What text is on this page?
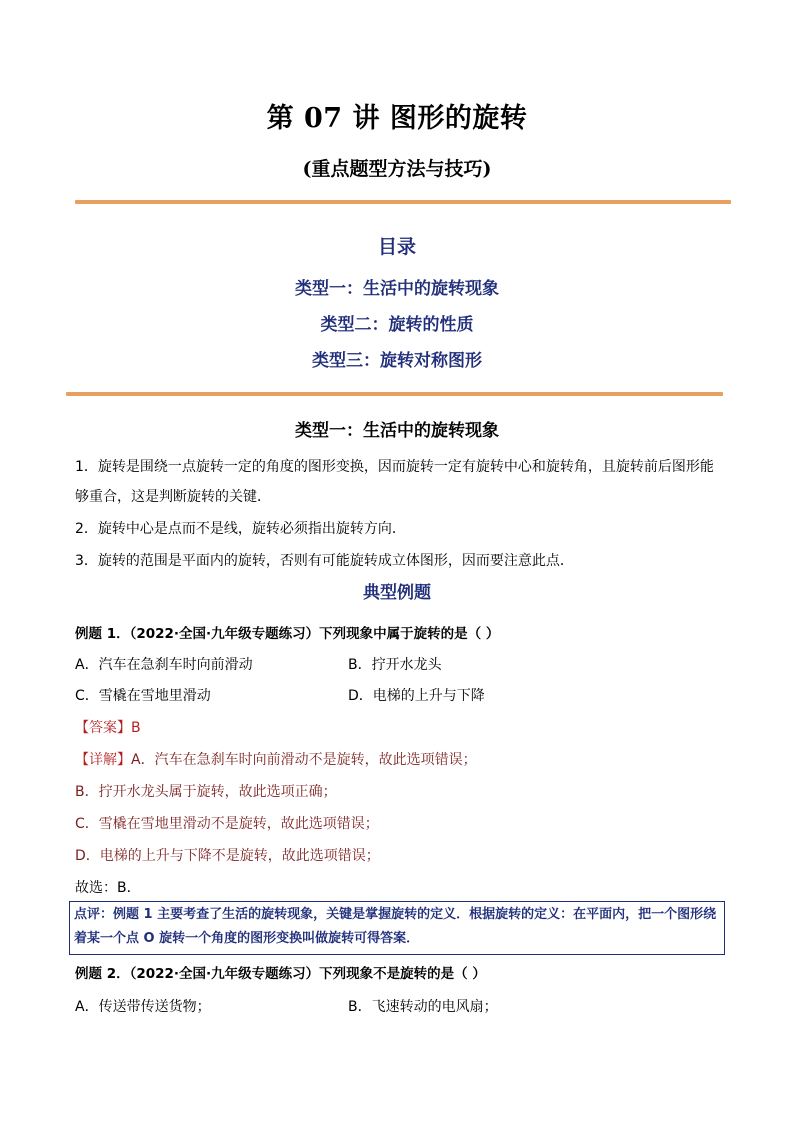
第 07 讲 图形的旋转
(重点题型方法与技巧)
目录
类型一：生活中的旋转现象
类型二：旋转的性质
类型三：旋转对称图形
类型一：生活中的旋转现象
1．旋转是围绕一点旋转一定的角度的图形变换，因而旋转一定有旋转中心和旋转角，且旋转前后图形能够重合，这是判断旋转的关键．
2．旋转中心是点而不是线，旋转必须指出旋转方向．
3．旋转的范围是平面内的旋转，否则有可能旋转成立体图形，因而要注意此点．
典型例题
例题 1．（2022·全国·九年级专题练习）下列现象中属于旋转的是（ ）
A．汽车在急刹车时向前滑动	B．拧开水龙头
C．雪橇在雪地里滑动	D．电梯的上升与下降
【答案】B
【详解】A．汽车在急刹车时向前滑动不是旋转，故此选项错误；
B．拧开水龙头属于旋转，故此选项正确；
C．雪橇在雪地里滑动不是旋转，故此选项错误；
D．电梯的上升与下降不是旋转，故此选项错误；
故选：B．
点评：例题 1 主要考查了生活的旋转现象，关键是掌握旋转的定义．根据旋转的定义：在平面内，把一个图形绕着某一个点 O 旋转一个角度的图形变换叫做旋转可得答案．
例题 2．（2022·全国·九年级专题练习）下列现象不是旋转的是（ ）
A．传送带传送货物；	B．飞速转动的电风扇；
